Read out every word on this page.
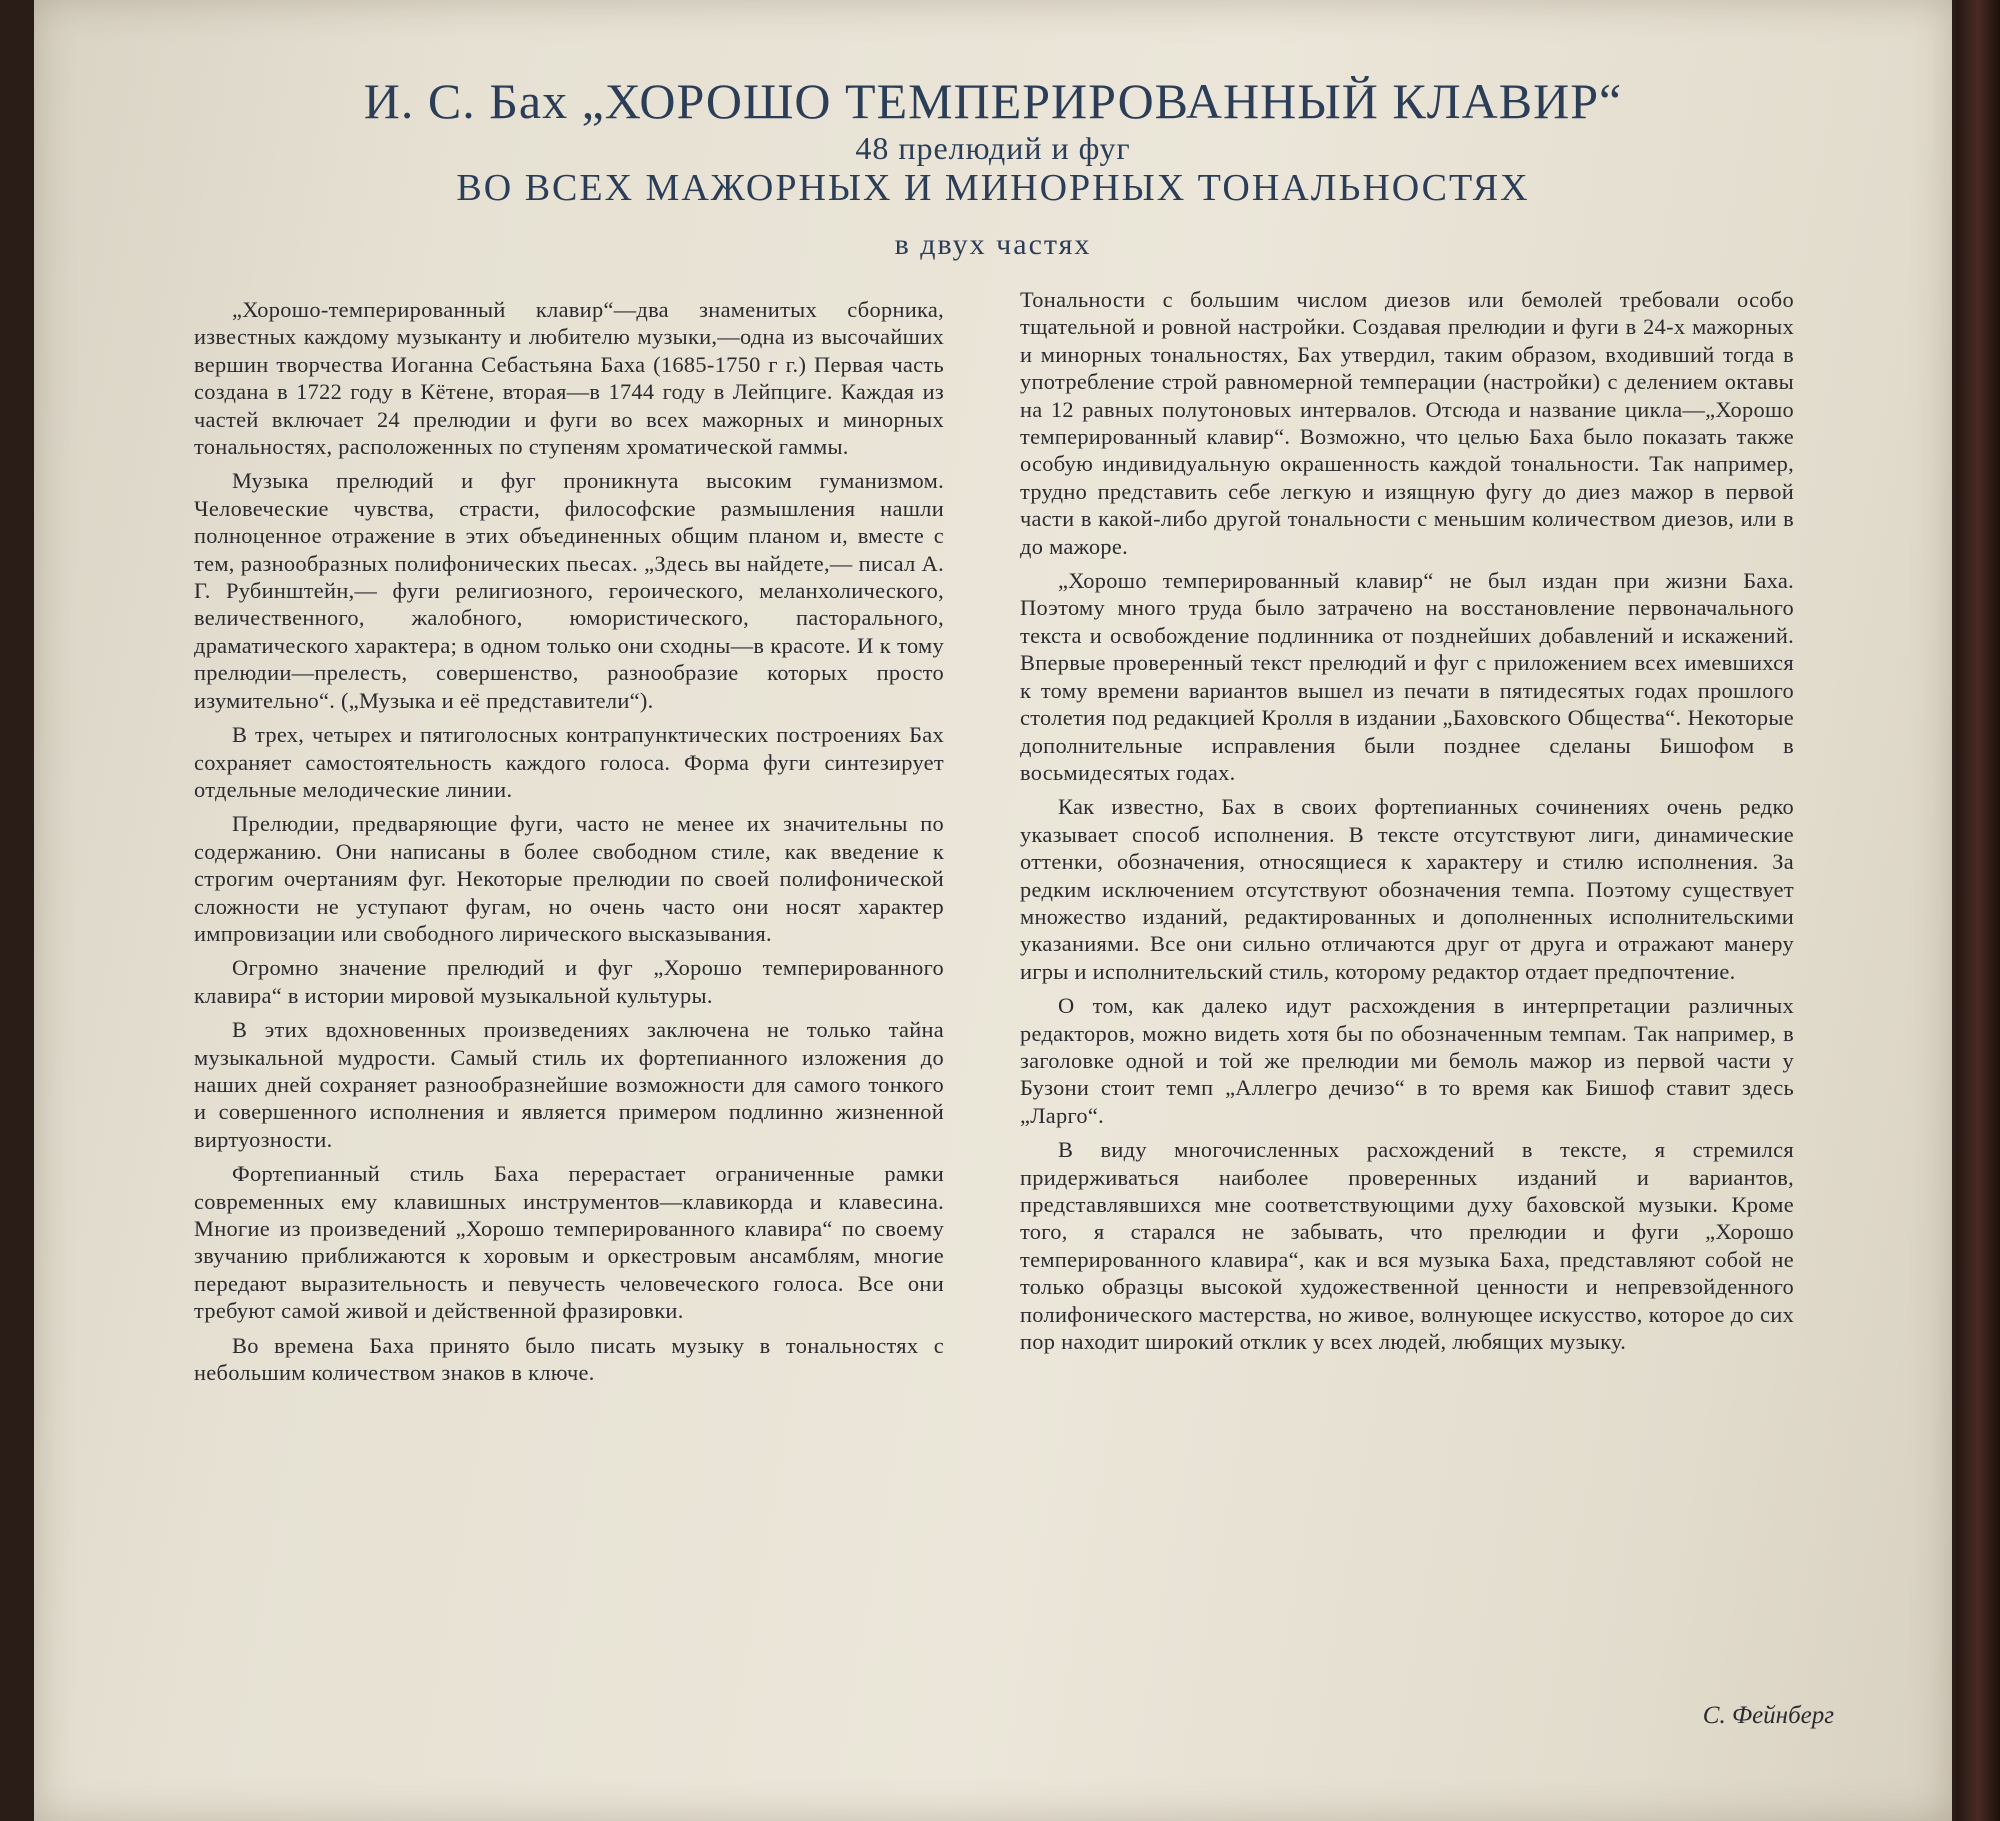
И. С. Бах „ХОРОШО ТЕМПЕРИРОВАННЫЙ КЛАВИР“
48 прелюдий и фуг
ВО ВСЕХ МАЖОРНЫХ И МИНОРНЫХ ТОНАЛЬНОСТЯХ
в двух частях

„Хорошо-темперированный клавир“—два знаменитых сборника, известных каждому музыканту и любителю музыки,—одна из высочайших вершин творчества Иоганна Себастьяна Баха (1685-1750 г г.) Первая часть создана в 1722 году в Кётене, вторая—в 1744 году в Лейпциге. Каждая из частей включает 24 прелюдии и фуги во всех мажорных и минорных тональностях, расположенных по ступеням хроматической гаммы.

Музыка прелюдий и фуг проникнута высоким гуманизмом. Человеческие чувства, страсти, философские размышления нашли полноценное отражение в этих объединенных общим планом и, вместе с тем, разнообразных полифонических пьесах. „Здесь вы найдете,— писал А. Г. Рубинштейн,— фуги религиозного, героического, меланхолического, величественного, жалобного, юмористического, пасторального, драматического характера; в одном только они сходны—в красоте. И к тому прелюдии—прелесть, совершенство, разнообразие которых просто изумительно“. („Музыка и её представители“).

В трех, четырех и пятиголосных контрапунктических построениях Бах сохраняет самостоятельность каждого голоса. Форма фуги синтезирует отдельные мелодические линии.

Прелюдии, предваряющие фуги, часто не менее их значительны по содержанию. Они написаны в более свободном стиле, как введение к строгим очертаниям фуг. Некоторые прелюдии по своей полифонической сложности не уступают фугам, но очень часто они носят характер импровизации или свободного лирического высказывания.

Огромно значение прелюдий и фуг „Хорошо темперированного клавира“ в истории мировой музыкальной культуры.

В этих вдохновенных произведениях заключена не только тайна музыкальной мудрости. Самый стиль их фортепианного изложения до наших дней сохраняет разнообразнейшие возможности для самого тонкого и совершенного исполнения и является примером подлинно жизненной виртуозности.

Фортепианный стиль Баха перерастает ограниченные рамки современных ему клавишных инструментов—клавикорда и клавесина. Многие из произведений „Хорошо темперированного клавира“ по своему звучанию приближаются к хоровым и оркестровым ансамблям, многие передают выразительность и певучесть человеческого голоса. Все они требуют самой живой и действенной фразировки.

Во времена Баха принято было писать музыку в тональностях с небольшим количеством знаков в ключе.

Тональности с большим числом диезов или бемолей требовали особо тщательной и ровной настройки. Создавая прелюдии и фуги в 24-х мажорных и минорных тональностях, Бах утвердил, таким образом, входивший тогда в употребление строй равномерной темперации (настройки) с делением октавы на 12 равных полутоновых интервалов. Отсюда и название цикла—„Хорошо темперированный клавир“. Возможно, что целью Баха было показать также особую индивидуальную окрашенность каждой тональности. Так например, трудно представить себе легкую и изящную фугу до диез мажор в первой части в какой-либо другой тональности с меньшим количеством диезов, или в до мажоре.

„Хорошо темперированный клавир“ не был издан при жизни Баха. Поэтому много труда было затрачено на восстановление первоначального текста и освобождение подлинника от позднейших добавлений и искажений. Впервые проверенный текст прелюдий и фуг с приложением всех имевшихся к тому времени вариантов вышел из печати в пятидесятых годах прошлого столетия под редакцией Кролля в издании „Баховского Общества“. Некоторые дополнительные исправления были позднее сделаны Бишофом в восьмидесятых годах.

Как известно, Бах в своих фортепианных сочинениях очень редко указывает способ исполнения. В тексте отсутствуют лиги, динамические оттенки, обозначения, относящиеся к характеру и стилю исполнения. За редким исключением отсутствуют обозначения темпа. Поэтому существует множество изданий, редактированных и дополненных исполнительскими указаниями. Все они сильно отличаются друг от друга и отражают манеру игры и исполнительский стиль, которому редактор отдает предпочтение.

О том, как далеко идут расхождения в интерпретации различных редакторов, можно видеть хотя бы по обозначенным темпам. Так например, в заголовке одной и той же прелюдии ми бемоль мажор из первой части у Бузони стоит темп „Аллегро дечизо“ в то время как Бишоф ставит здесь „Ларго“.

В виду многочисленных расхождений в тексте, я стремился придерживаться наиболее проверенных изданий и вариантов, представлявшихся мне соответствующими духу баховской музыки. Кроме того, я старался не забывать, что прелюдии и фуги „Хорошо темперированного клавира“, как и вся музыка Баха, представляют собой не только образцы высокой художественной ценности и непревзойденного полифонического мастерства, но живое, волнующее искусство, которое до сих пор находит широкий отклик у всех людей, любящих музыку.

С. Фейнберг
